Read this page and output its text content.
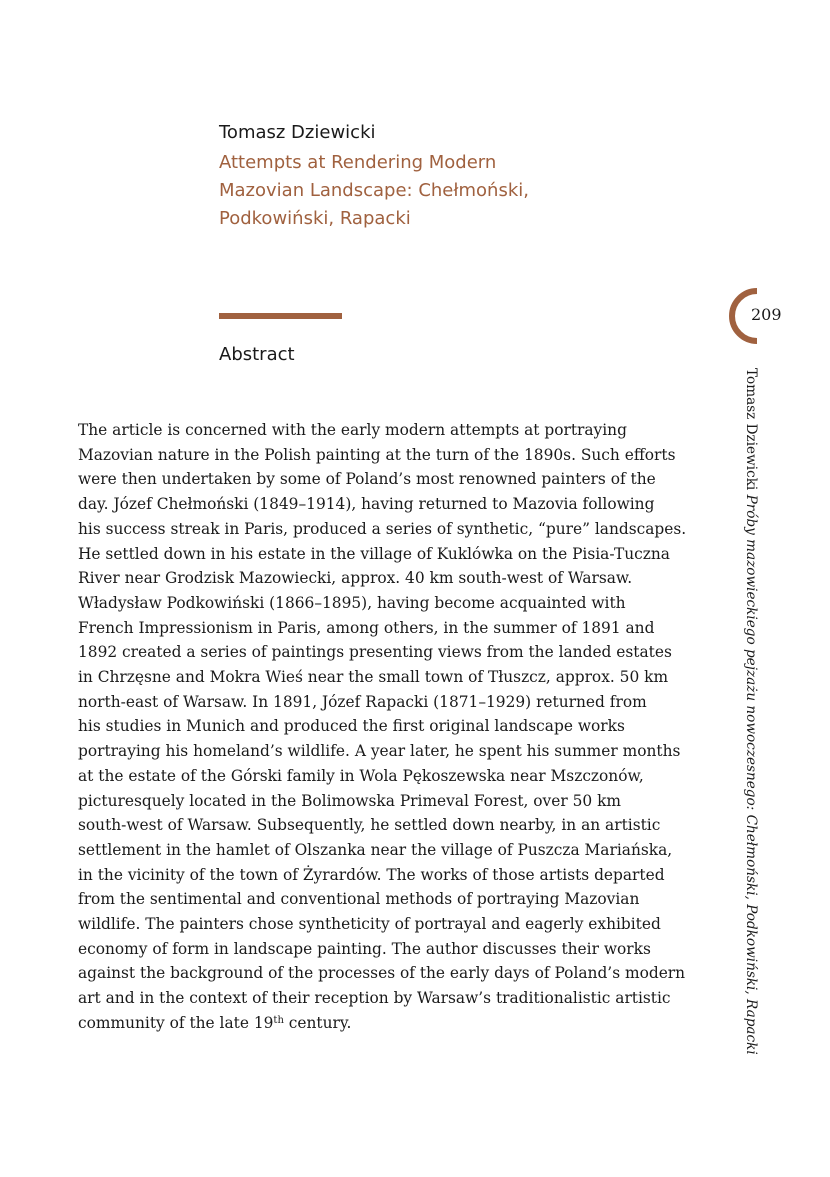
Tomasz Dziewicki
Attempts at Rendering Modern
Mazovian Landscape: Chełmoński,
Podkowiński, Rapacki
Abstract
The article is concerned with the early modern attempts at portraying
Mazovian nature in the Polish painting at the turn of the 1890s. Such efforts
were then undertaken by some of Poland’s most renowned painters of the
day. Józef Chełmoński (1849–1914), having returned to Mazovia following
his success streak in Paris, produced a series of synthetic, “pure” landscapes.
He settled down in his estate in the village of Kuklówka on the Pisia-Tuczna
River near Grodzisk Mazowiecki, approx. 40 km south-west of Warsaw.
Władysław Podkowiński (1866–1895), having become acquainted with
French Impressionism in Paris, among others, in the summer of 1891 and
1892 created a series of paintings presenting views from the landed estates
in Chrzęsne and Mokra Wieś near the small town of Tłuszcz, approx. 50 km
north-east of Warsaw. In 1891, Józef Rapacki (1871–1929) returned from
his studies in Munich and produced the first original landscape works
portraying his homeland’s wildlife. A year later, he spent his summer months
at the estate of the Górski family in Wola Pękoszewska near Mszczonów,
picturesquely located in the Bolimowska Primeval Forest, over 50 km
south-west of Warsaw. Subsequently, he settled down nearby, in an artistic
settlement in the hamlet of Olszanka near the village of Puszcza Mariańska,
in the vicinity of the town of Żyrardów. The works of those artists departed
from the sentimental and conventional methods of portraying Mazovian
wildlife. The painters chose syntheticity of portrayal and eagerly exhibited
economy of form in landscape painting. The author discusses their works
against the background of the processes of the early days of Poland’s modern
art and in the context of their reception by Warsaw’s traditionalistic artistic
community of the late 19th century.
209
Tomasz Dziewicki Próby mazowieckiego pejzażu nowoczesnego: Chełmoński, Podkowiński, Rapacki
